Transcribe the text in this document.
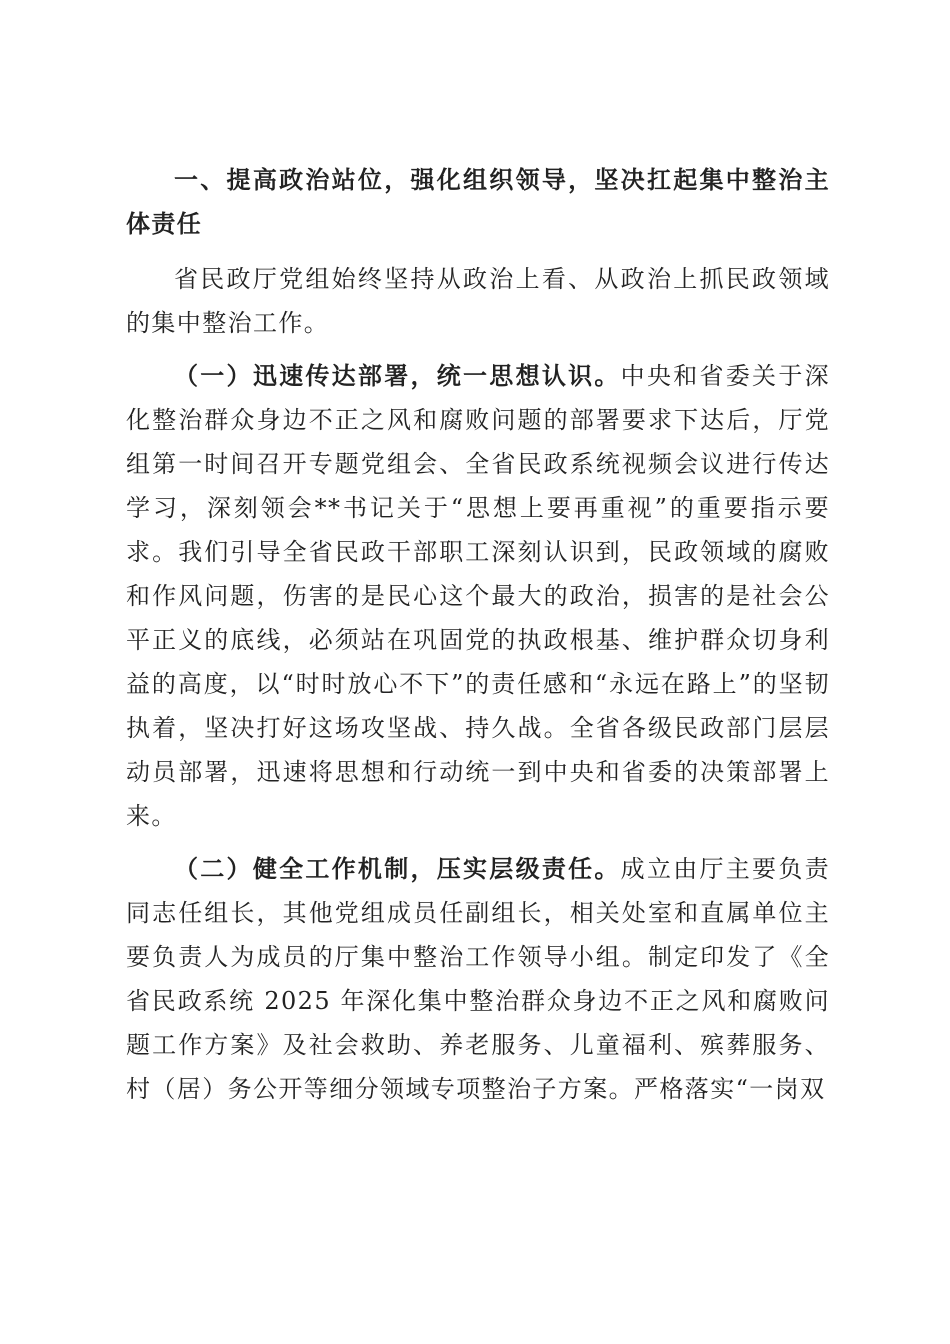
一、提高政治站位，强化组织领导，坚决扛起集中整治主体责任

省民政厅党组始终坚持从政治上看、从政治上抓民政领域的集中整治工作。

（一）迅速传达部署，统一思想认识。中央和省委关于深化整治群众身边不正之风和腐败问题的部署要求下达后，厅党组第一时间召开专题党组会、全省民政系统视频会议进行传达学习，深刻领会**书记关于“思想上要再重视”的重要指示要求。我们引导全省民政干部职工深刻认识到，民政领域的腐败和作风问题，伤害的是民心这个最大的政治，损害的是社会公平正义的底线，必须站在巩固党的执政根基、维护群众切身利益的高度，以“时时放心不下”的责任感和“永远在路上”的坚韧执着，坚决打好这场攻坚战、持久战。全省各级民政部门层层动员部署，迅速将思想和行动统一到中央和省委的决策部署上来。

（二）健全工作机制，压实层级责任。成立由厅主要负责同志任组长，其他党组成员任副组长，相关处室和直属单位主要负责人为成员的厅集中整治工作领导小组。制定印发了《全省民政系统 2025 年深化集中整治群众身边不正之风和腐败问题工作方案》及社会救助、养老服务、儿童福利、殡葬服务、村（居）务公开等细分领域专项整治子方案。严格落实“一岗双
